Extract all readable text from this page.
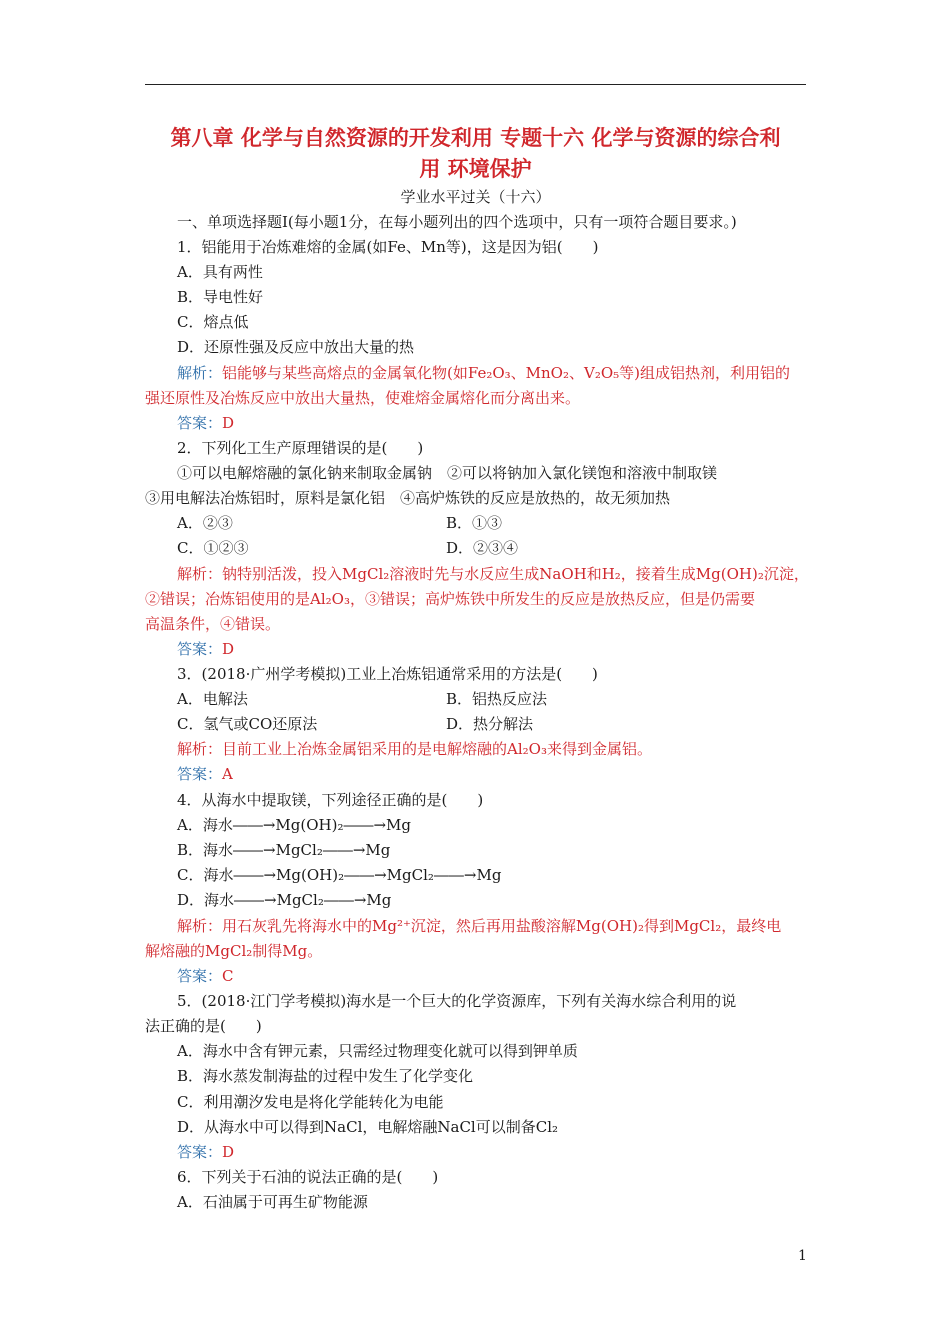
第八章 化学与自然资源的开发利用 专题十六 化学与资源的综合利
用 环境保护
学业水平过关（十六）
一、单项选择题Ⅰ(每小题1分，在每小题列出的四个选项中，只有一项符合题目要求。)
1．铝能用于冶炼难熔的金属(如Fe、Mn等)，这是因为铝(　　)
A．具有两性
B．导电性好
C．熔点低
D．还原性强及反应中放出大量的热
解析：铝能够与某些高熔点的金属氧化物(如Fe₂O₃、MnO₂、V₂O₅等)组成铝热剂，利用铝的
强还原性及冶炼反应中放出大量热，使难熔金属熔化而分离出来。
答案：D
2．下列化工生产原理错误的是(　　)
①可以电解熔融的氯化钠来制取金属钠　②可以将钠加入氯化镁饱和溶液中制取镁
③用电解法冶炼铝时，原料是氯化铝　④高炉炼铁的反应是放热的，故无须加热
A．②③	B．①③
C．①②③	D．②③④
解析：钠特别活泼，投入MgCl₂溶液时先与水反应生成NaOH和H₂，接着生成Mg(OH)₂沉淀，
②错误；冶炼铝使用的是Al₂O₃，③错误；高炉炼铁中所发生的反应是放热反应，但是仍需要
高温条件，④错误。
答案：D
3．(2018·广州学考模拟)工业上冶炼铝通常采用的方法是(　　)
A．电解法	B．铝热反应法
C．氢气或CO还原法	D．热分解法
解析：目前工业上冶炼金属铝采用的是电解熔融的Al₂O₃来得到金属铝。
答案：A
4．从海水中提取镁，下列途径正确的是(　　)
A．海水――→Mg(OH)₂――→Mg
B．海水――→MgCl₂――→Mg
C．海水――→Mg(OH)₂――→MgCl₂――→Mg
D．海水――→MgCl₂――→Mg
解析：用石灰乳先将海水中的Mg²⁺沉淀，然后再用盐酸溶解Mg(OH)₂得到MgCl₂，最终电
解熔融的MgCl₂制得Mg。
答案：C
5．(2018·江门学考模拟)海水是一个巨大的化学资源库，下列有关海水综合利用的说
法正确的是(　　)
A．海水中含有钾元素，只需经过物理变化就可以得到钾单质
B．海水蒸发制海盐的过程中发生了化学变化
C．利用潮汐发电是将化学能转化为电能
D．从海水中可以得到NaCl，电解熔融NaCl可以制备Cl₂
答案：D
6．下列关于石油的说法正确的是(　　)
A．石油属于可再生矿物能源
1
